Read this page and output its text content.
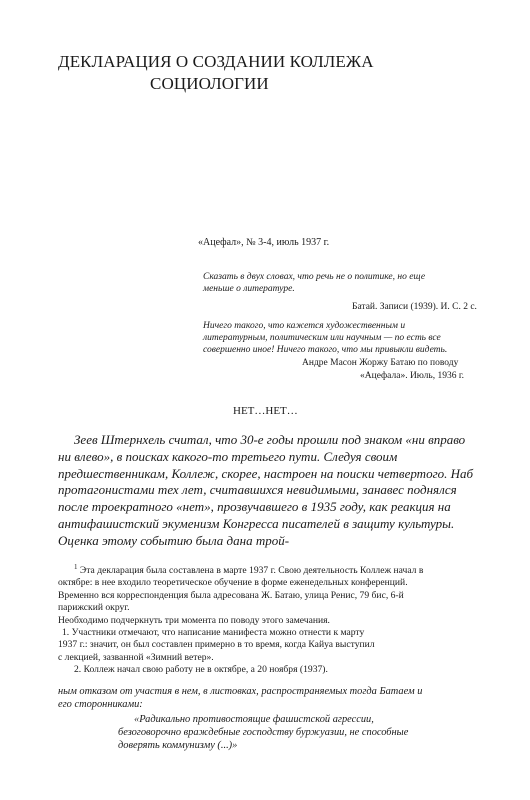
ДЕКЛАРАЦИЯ О СОЗДАНИИ КОЛЛЕЖА
СОЦИОЛОГИИ
«Ацефал», № 3-4, июль 1937 г.
Сказать в двух словах, что речь не о политике, но еще
меньше о литературе.
Батай. Записи (1939). И. С. 2 с.
Ничего такого, что кажется художественным и
литературным, политическим или научным — по есть все
совершенно иное! Ничего такого, что мы привыкли видеть.
Андре Масон Жоржу Батаю по поводу
«Ацефала». Июль, 1936 г.
НЕТ…НЕТ…
Зеев Штернхель считал, что 30-е годы прошли под знаком «ни вправо
ни влево», в поисках какого-то третьего пути. Следуя своим
предшественникам, Коллеж, скорее, настроен на поиски четвертого. Наб
протагонистами тех лет, считавшихся невидимыми, занавес поднялся
после троекратного «нет», прозвучавшего в 1935 году, как реакция на
антифашистский экуменизм Конгресса писателей в защиту культуры.
Оценка этому событию была дана трой-
$^1$ Эта декларация была составлена в марте 1937 г. Свою деятельность Коллеж начал в
октябре: в нее входило теоретическое обучение в форме еженедельных конференций.
Временно вся корреспонденция была адресована Ж. Батаю, улица Ренис, 79 бис, 6-й
парижский округ.
Необходимо подчеркнуть три момента по поводу этого замечания.
1. Участники отмечают, что написание манифеста можно отнести к марту
1937 г.: значит, он был составлен примерно в то время, когда Кайуа выступил
с лекцией, зазванной «Зимний ветер».
2. Коллеж начал свою работу не в октябре, а 20 ноября (1937).
ным отказом от участия в нем, в листовках, распространяемых тогда Батаем и
его сторонниками:
«Радикально противостоящие фашистской агрессии,
безоговорочно враждебные господству буржуазии, не способные
доверять коммунизму (...)»
